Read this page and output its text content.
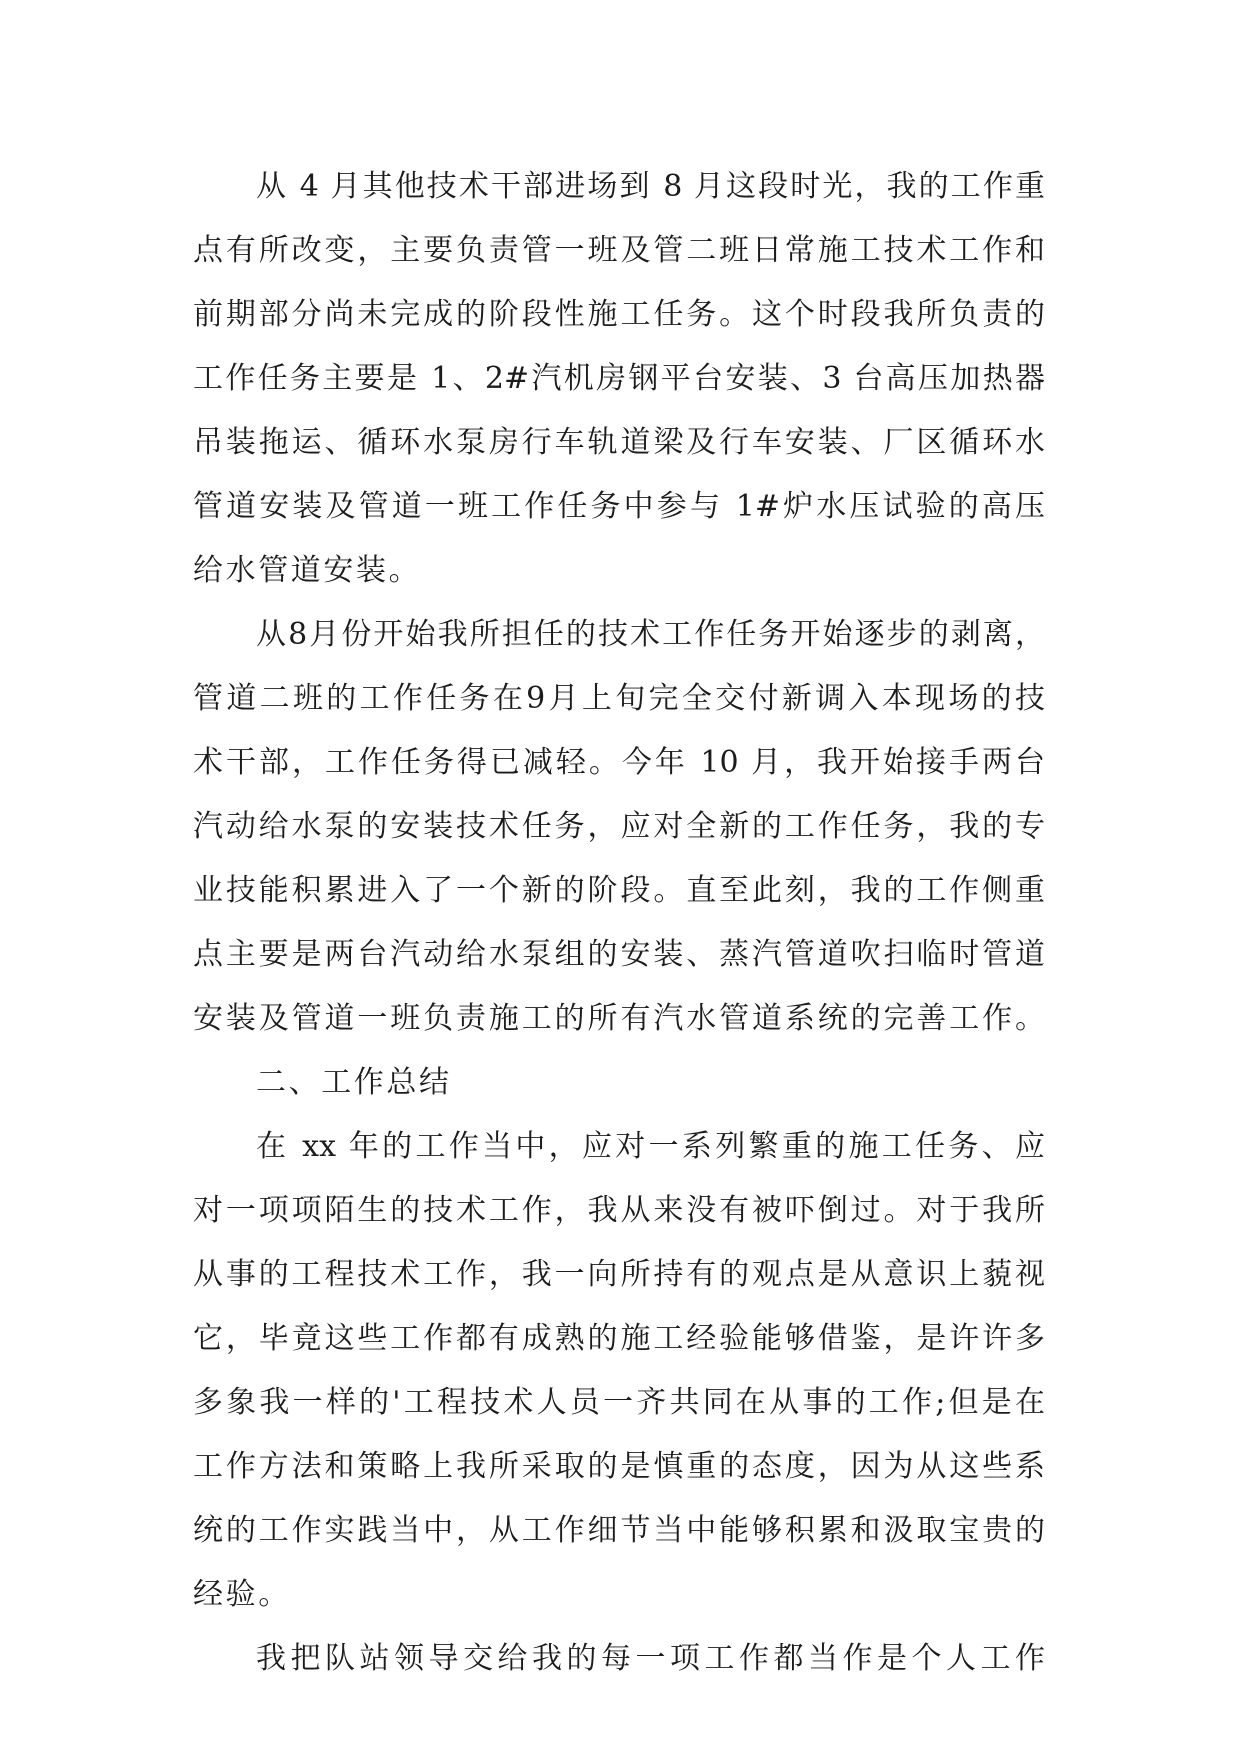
从 4 月其他技术干部进场到 8 月这段时光，我的工作重
点有所改变，主要负责管一班及管二班日常施工技术工作和
前期部分尚未完成的阶段性施工任务。这个时段我所负责的
工作任务主要是 1、2#汽机房钢平台安装、3 台高压加热器
吊装拖运、循环水泵房行车轨道梁及行车安装、厂区循环水
管道安装及管道一班工作任务中参与 1#炉水压试验的高压
给水管道安装。
从8月份开始我所担任的技术工作任务开始逐步的剥离，
管道二班的工作任务在9月上旬完全交付新调入本现场的技
术干部，工作任务得已减轻。今年 10 月，我开始接手两台
汽动给水泵的安装技术任务，应对全新的工作任务，我的专
业技能积累进入了一个新的阶段。直至此刻，我的工作侧重
点主要是两台汽动给水泵组的安装、蒸汽管道吹扫临时管道
安装及管道一班负责施工的所有汽水管道系统的完善工作。
二、工作总结
在 xx 年的工作当中，应对一系列繁重的施工任务、应
对一项项陌生的技术工作，我从来没有被吓倒过。对于我所
从事的工程技术工作，我一向所持有的观点是从意识上藐视
它，毕竟这些工作都有成熟的施工经验能够借鉴，是许许多
多象我一样的'工程技术人员一齐共同在从事的工作;但是在
工作方法和策略上我所采取的是慎重的态度，因为从这些系
统的工作实践当中，从工作细节当中能够积累和汲取宝贵的
经验。
我把队站领导交给我的每一项工作都当作是个人工作
